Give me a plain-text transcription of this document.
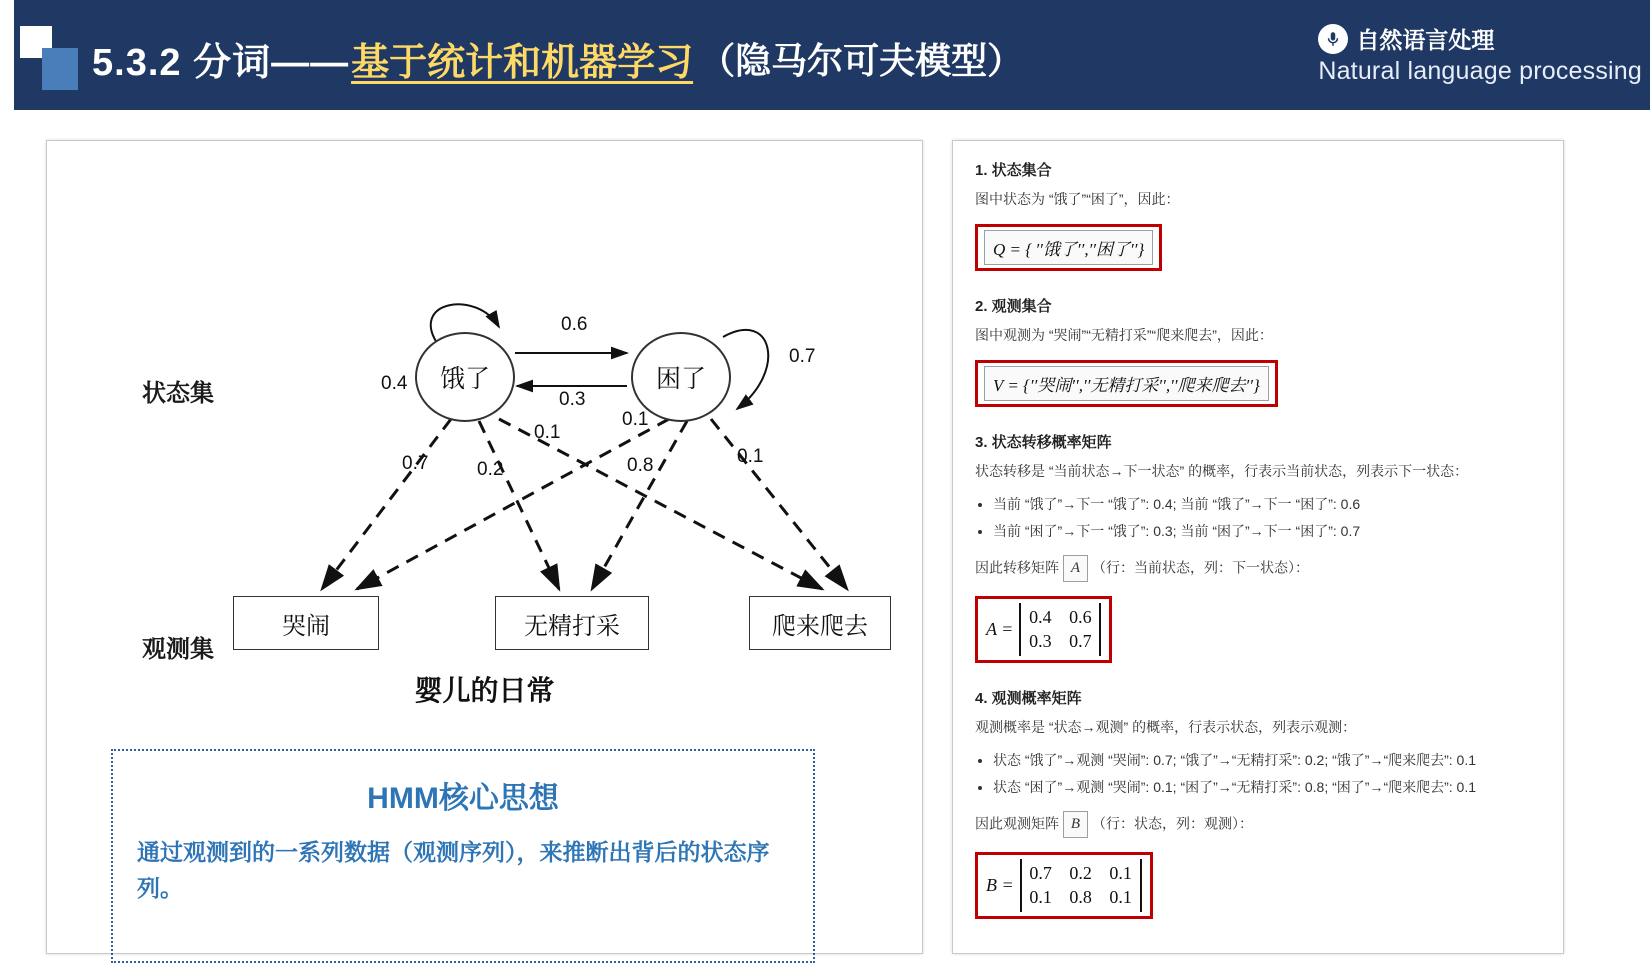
5.3.2 分词—— 基于统计和机器学习 （隐马尔可夫模型）	自然语言处理
Natural language processing
状态集
观测集
饿了	困了
哭闹	无精打采	爬来爬去
0.4
0.6
0.3
0.7
0.7	0.2
0.1
0.1
0.8	0.1
婴儿的日常
HMM核心思想
通过观测到的一系列数据（观测序列），来推断出背后的状态序列。
1. 状态集合

图中状态为 “饿了”“困了”，因此：

Q = { ′′饿了′′,′′困了′′}
2. 观测集合

图中观测为 “哭闹”“无精打采”“爬来爬去”，因此：

V = {′′哭闹′′,′′无精打采′′,′′爬来爬去′′}
3. 状态转移概率矩阵

状态转移是 “当前状态→下一状态” 的概率，行表示当前状态，列表示下一状态：

• 当前 “饿了”→下一 “饿了”: 0.4; 当前 “饿了”→下一 “困了”: 0.6
• 当前 “困了”→下一 “饿了”: 0.3; 当前 “困了”→下一 “困了”: 0.7

因此转移矩阵 A （行：当前状态，列：下一状态）：

A =
0.4 0.6
0.3 0.7
4. 观测概率矩阵

观测概率是 “状态→观测” 的概率，行表示状态，列表示观测：

• 状态 “饿了”→观测 “哭闹”: 0.7; “饿了”→“无精打采”: 0.2; “饿了”→“爬来爬去”: 0.1
• 状态 “困了”→观测 “哭闹”: 0.1; “困了”→“无精打采”: 0.8; “困了”→“爬来爬去”: 0.1

因此观测矩阵 B （行：状态，列：观测）：

B =
0.7 0.2 0.1
0.1 0.8 0.1
